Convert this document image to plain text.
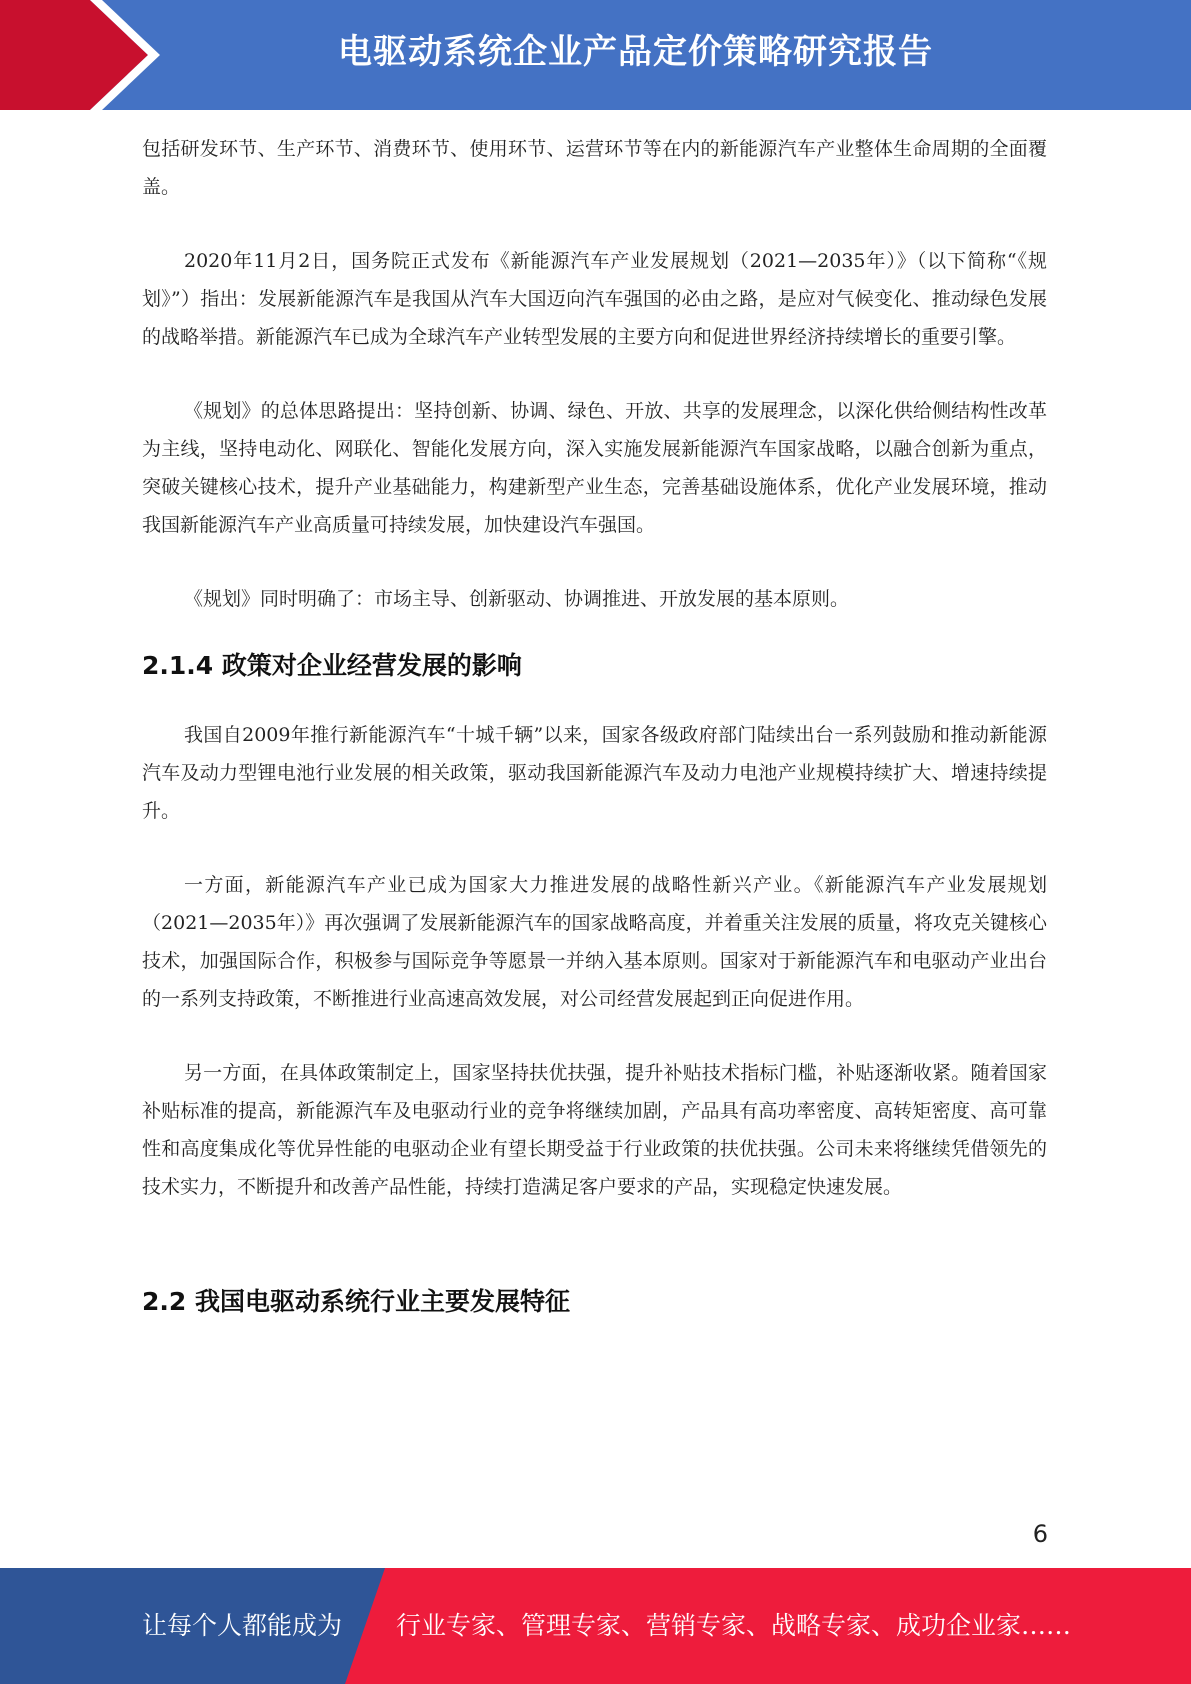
电驱动系统企业产品定价策略研究报告

包括研发环节、生产环节、消费环节、使用环节、运营环节等在内的新能源汽车产业整体生命周期的全面覆盖。

2020年11月2日，国务院正式发布《新能源汽车产业发展规划（2021—2035年）》（以下简称“《规划》”）指出：发展新能源汽车是我国从汽车大国迈向汽车强国的必由之路，是应对气候变化、推动绿色发展的战略举措。新能源汽车已成为全球汽车产业转型发展的主要方向和促进世界经济持续增长的重要引擎。

《规划》的总体思路提出：坚持创新、协调、绿色、开放、共享的发展理念，以深化供给侧结构性改革为主线，坚持电动化、网联化、智能化发展方向，深入实施发展新能源汽车国家战略，以融合创新为重点，突破关键核心技术，提升产业基础能力，构建新型产业生态，完善基础设施体系，优化产业发展环境，推动我国新能源汽车产业高质量可持续发展，加快建设汽车强国。

《规划》同时明确了：市场主导、创新驱动、协调推进、开放发展的基本原则。

2.1.4 政策对企业经营发展的影响

我国自2009年推行新能源汽车“十城千辆”以来，国家各级政府部门陆续出台一系列鼓励和推动新能源汽车及动力型锂电池行业发展的相关政策，驱动我国新能源汽车及动力电池产业规模持续扩大、增速持续提升。

一方面，新能源汽车产业已成为国家大力推进发展的战略性新兴产业。《新能源汽车产业发展规划（2021—2035年）》再次强调了发展新能源汽车的国家战略高度，并着重关注发展的质量，将攻克关键核心技术，加强国际合作，积极参与国际竞争等愿景一并纳入基本原则。国家对于新能源汽车和电驱动产业出台的一系列支持政策，不断推进行业高速高效发展，对公司经营发展起到正向促进作用。

另一方面，在具体政策制定上，国家坚持扶优扶强，提升补贴技术指标门槛，补贴逐渐收紧。随着国家补贴标准的提高，新能源汽车及电驱动行业的竞争将继续加剧，产品具有高功率密度、高转矩密度、高可靠性和高度集成化等优异性能的电驱动企业有望长期受益于行业政策的扶优扶强。公司未来将继续凭借领先的技术实力，不断提升和改善产品性能，持续打造满足客户要求的产品，实现稳定快速发展。

2.2 我国电驱动系统行业主要发展特征
6
让每个人都能成为 行业专家、管理专家、营销专家、战略专家、成功企业家……
